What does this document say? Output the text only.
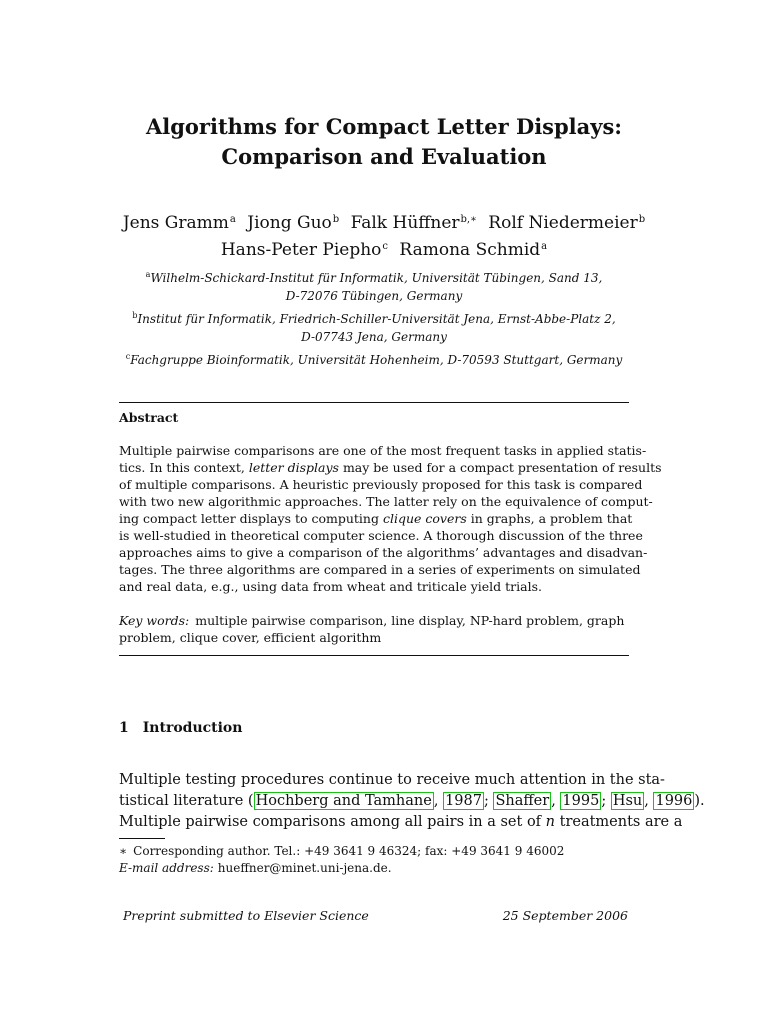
Algorithms for Compact Letter Displays:
Comparison and Evaluation
Jens Gramm$^a$ Jiong Guo$^b$ Falk Hüffner$^{b,∗}$ Rolf Niedermeier$^b$
Hans-Peter Piepho$^c$ Ramona Schmid$^a$
$^a$Wilhelm-Schickard-Institut für Informatik, Universität Tübingen, Sand 13,
D-72076 Tübingen, Germany
$^b$Institut für Informatik, Friedrich-Schiller-Universität Jena, Ernst-Abbe-Platz 2,
D-07743 Jena, Germany
$^c$Fachgruppe Bioinformatik, Universität Hohenheim, D-70593 Stuttgart, Germany
Abstract
Multiple pairwise comparisons are one of the most frequent tasks in applied statis-
tics. In this context, letter displays may be used for a compact presentation of results
of multiple comparisons. A heuristic previously proposed for this task is compared
with two new algorithmic approaches. The latter rely on the equivalence of comput-
ing compact letter displays to computing clique covers in graphs, a problem that
is well-studied in theoretical computer science. A thorough discussion of the three
approaches aims to give a comparison of the algorithms’ advantages and disadvan-
tages. The three algorithms are compared in a series of experiments on simulated
and real data, e.g., using data from wheat and triticale yield trials.
Key words: multiple pairwise comparison, line display, NP-hard problem, graph
problem, clique cover, efficient algorithm
1 Introduction
Multiple testing procedures continue to receive much attention in the sta-
tistical literature ( Hochberg and Tamhane , 1987 ; Shaffer , 1995 ; Hsu , 1996 ).
Multiple pairwise comparisons among all pairs in a set of n treatments are a
∗ Corresponding author. Tel.: +49 3641 9 46324; fax: +49 3641 9 46002
E-mail address: hueffner@minet.uni-jena.de.
Preprint submitted to Elsevier Science	25 September 2006
